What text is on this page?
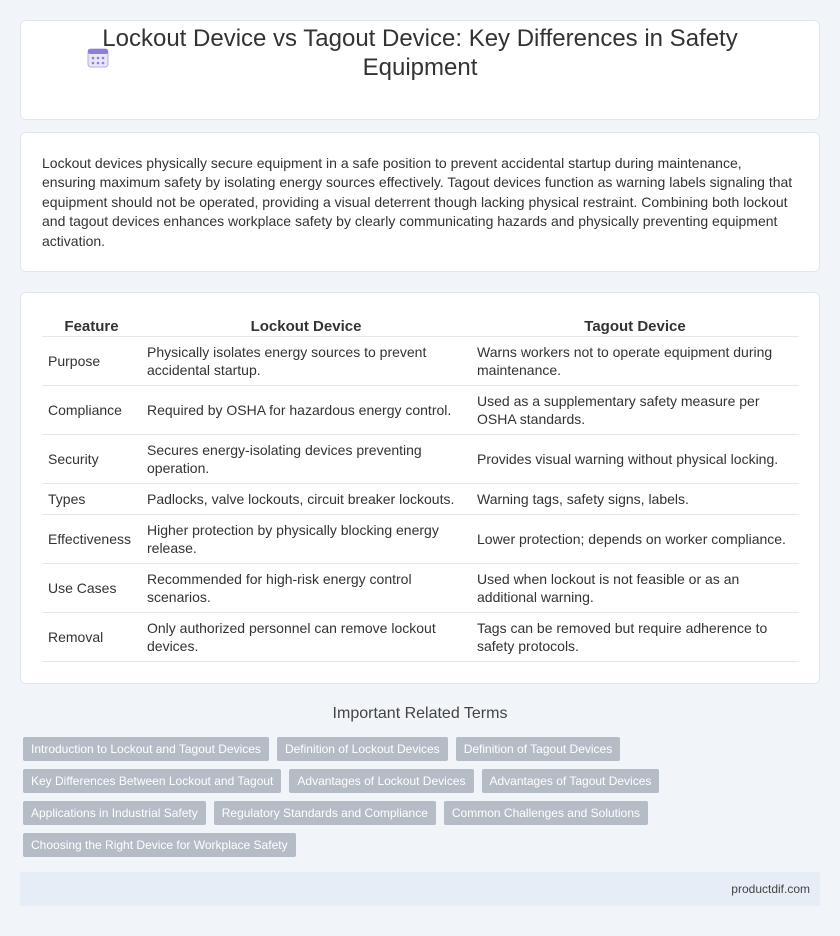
Lockout Device vs Tagout Device: Key Differences in Safety Equipment

Lockout devices physically secure equipment in a safe position to prevent accidental startup during maintenance, ensuring maximum safety by isolating energy sources effectively. Tagout devices function as warning labels signaling that equipment should not be operated, providing a visual deterrent though lacking physical restraint. Combining both lockout and tagout devices enhances workplace safety by clearly communicating hazards and physically preventing equipment activation.

Feature	Lockout Device	Tagout Device
Purpose	Physically isolates energy sources to prevent accidental startup.	Warns workers not to operate equipment during maintenance.
Compliance	Required by OSHA for hazardous energy control.	Used as a supplementary safety measure per OSHA standards.
Security	Secures energy-isolating devices preventing operation.	Provides visual warning without physical locking.
Types	Padlocks, valve lockouts, circuit breaker lockouts.	Warning tags, safety signs, labels.
Effectiveness	Higher protection by physically blocking energy release.	Lower protection; depends on worker compliance.
Use Cases	Recommended for high-risk energy control scenarios.	Used when lockout is not feasible or as an additional warning.
Removal	Only authorized personnel can remove lockout devices.	Tags can be removed but require adherence to safety protocols.
Important Related Terms
Introduction to Lockout and Tagout Devices	Definition of Lockout Devices	Definition of Tagout Devices
Key Differences Between Lockout and Tagout	Advantages of Lockout Devices	Advantages of Tagout Devices
Applications in Industrial Safety	Regulatory Standards and Compliance	Common Challenges and Solutions
Choosing the Right Device for Workplace Safety
productdif.com
